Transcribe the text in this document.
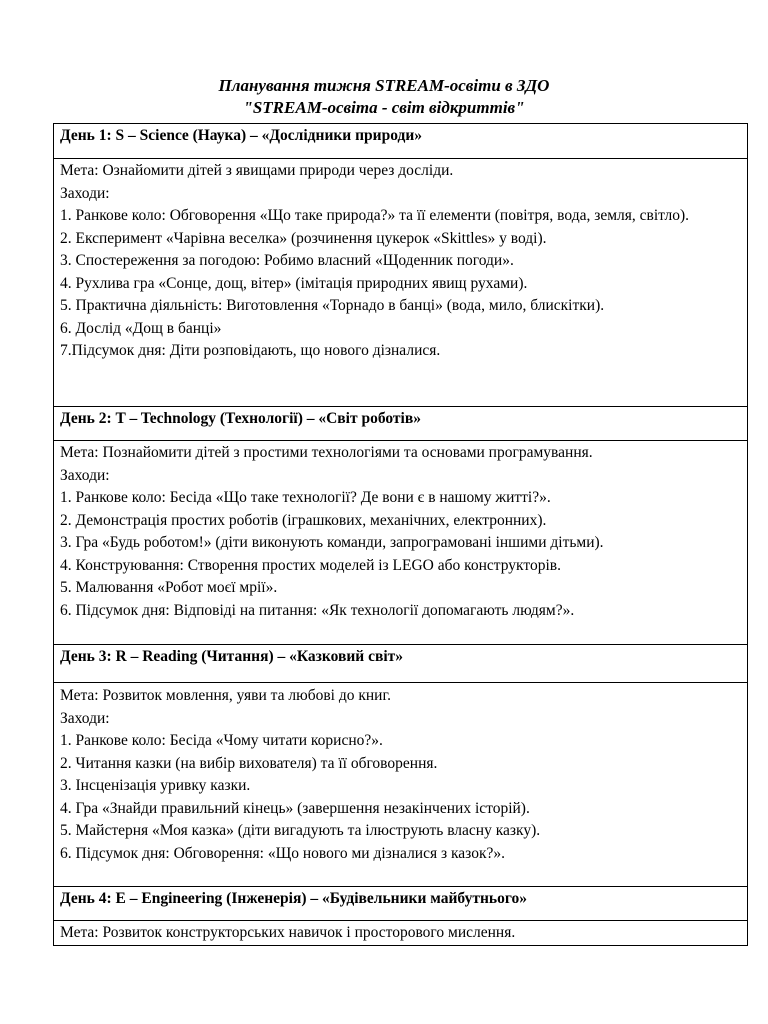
Планування тижня STREAM-освіти в ЗДО
"STREAM-освіта - світ відкриттів"
День 1: S – Science (Наука) – «Дослідники природи»

Мета: Ознайомити дітей з явищами природи через досліди.
Заходи:
1. Ранкове коло: Обговорення «Що таке природа?» та її елементи (повітря, вода, земля, світло).
2. Експеримент «Чарівна веселка» (розчинення цукерок «Skittles» у воді).
3. Спостереження за погодою: Робимо власний «Щоденник погоди».
4. Рухлива гра «Сонце, дощ, вітер» (імітація природних явищ рухами).
5. Практична діяльність: Виготовлення «Торнадо в банці» (вода, мило, блискітки).
6. Дослід «Дощ в банці»
7.Підсумок дня: Діти розповідають, що нового дізналися.

День 2: T – Technology (Технології) – «Світ роботів»

Мета: Познайомити дітей з простими технологіями та основами програмування.
Заходи:
1. Ранкове коло: Бесіда «Що таке технології? Де вони є в нашому житті?».
2. Демонстрація простих роботів (іграшкових, механічних, електронних).
3. Гра «Будь роботом!» (діти виконують команди, запрограмовані іншими дітьми).
4. Конструювання: Створення простих моделей із LEGO або конструкторів.
5. Малювання «Робот моєї мрії».
6. Підсумок дня: Відповіді на питання: «Як технології допомагають людям?».

День 3: R – Reading (Читання) – «Казковий світ»

Мета: Розвиток мовлення, уяви та любові до книг.
Заходи:
1. Ранкове коло: Бесіда «Чому читати корисно?».
2. Читання казки (на вибір вихователя) та її обговорення.
3. Інсценізація уривку казки.
4. Гра «Знайди правильний кінець» (завершення незакінчених історій).
5. Майстерня «Моя казка» (діти вигадують та ілюструють власну казку).
6. Підсумок дня: Обговорення: «Що нового ми дізналися з казок?».

День 4: E – Engineering (Інженерія) – «Будівельники майбутнього»

Мета: Розвиток конструкторських навичок і просторового мислення.
